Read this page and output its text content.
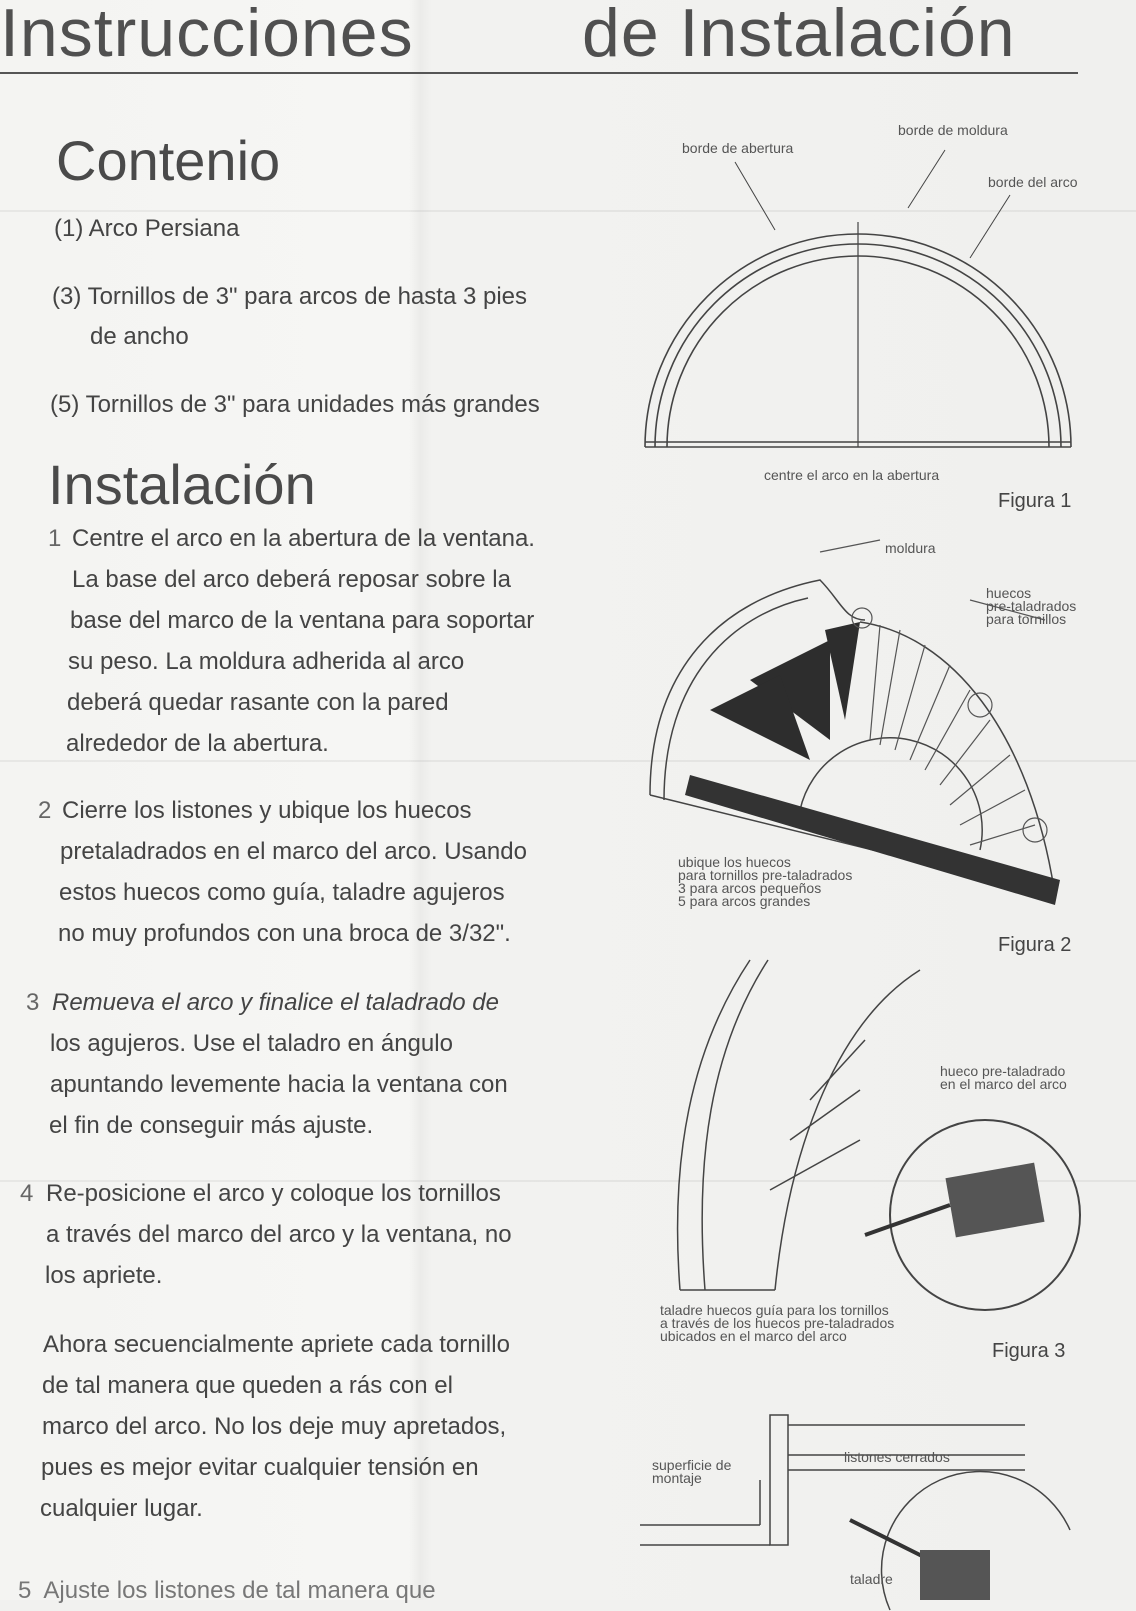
Instrucciones de Instalación
Contenio
(1) Arco Persiana
(3) Tornillos de 3" para arcos de hasta 3 pies
de ancho
(5) Tornillos de 3" para unidades más grandes
Instalación
1 Centre el arco en la abertura de la ventana.
La base del arco deberá reposar sobre la
base del marco de la ventana para soportar
su peso. La moldura adherida al arco
deberá quedar rasante con la pared
alrededor de la abertura.
2 Cierre los listones y ubique los huecos
pretaladrados en el marco del arco. Usando
estos huecos como guía, taladre agujeros
no muy profundos con una broca de 3/32".
3 Remueva el arco y finalice el taladrado de
los agujeros. Use el taladro en ángulo
apuntando levemente hacia la ventana con
el fin de conseguir más ajuste.
4 Re-posicione el arco y coloque los tornillos
a través del marco del arco y la ventana, no
los apriete.
Ahora secuencialmente apriete cada tornillo
de tal manera que queden a rás con el
marco del arco. No los deje muy apretados,
pues es mejor evitar cualquier tensión en
cualquier lugar.
5 Ajuste los listones de tal manera que
borde de abertura
borde de moldura
borde del arco
centre el arco en la abertura
Figura 1
moldura
huecos
pre-taladrados
para tornillos
ubique los huecos
para tornillos pre-taladrados
3 para arcos pequeños
5 para arcos grandes
Figura 2
hueco pre-taladrado
en el marco del arco
taladre huecos guía para los tornillos
a través de los huecos pre-taladrados
ubicados en el marco del arco
Figura 3
superficie de
montaje
listones cerrados
taladre
